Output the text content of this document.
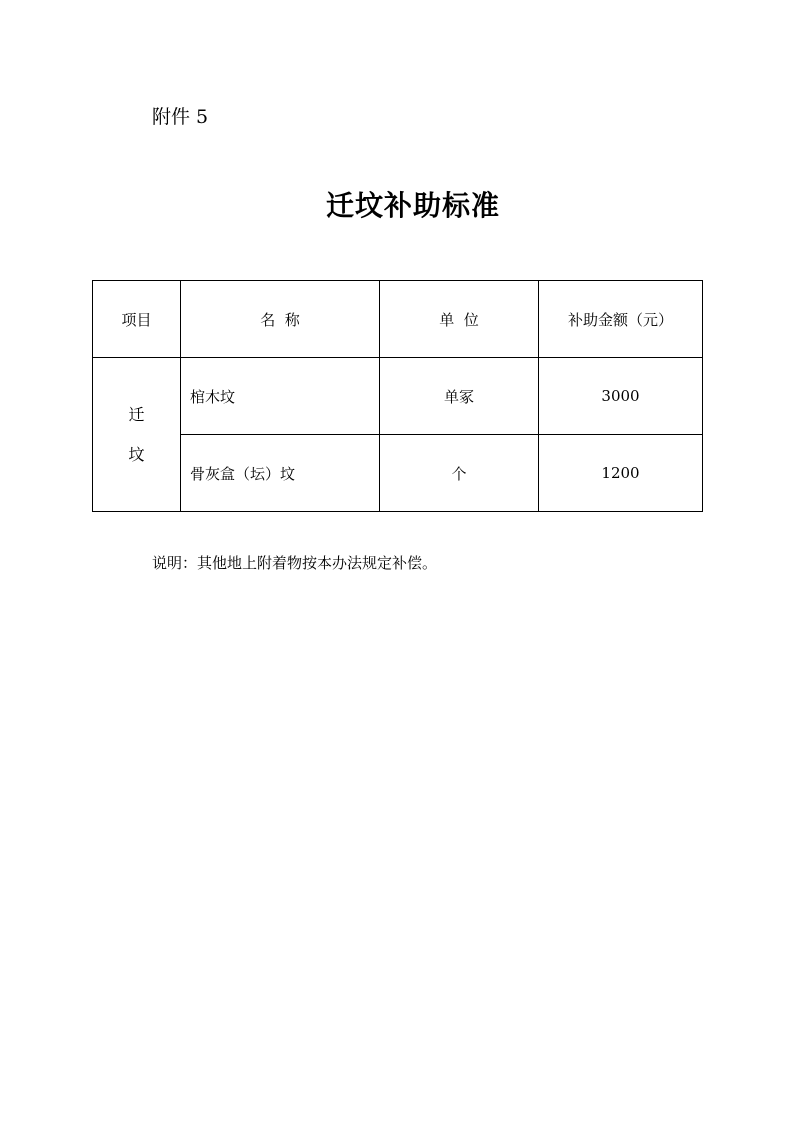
附件 5
迁坟补助标准
项目	名  称	单  位	补助金额（元）

迁
坟	棺木坟	单冢	3000
	骨灰盒（坛）坟	个	1200
说明：其他地上附着物按本办法规定补偿。
